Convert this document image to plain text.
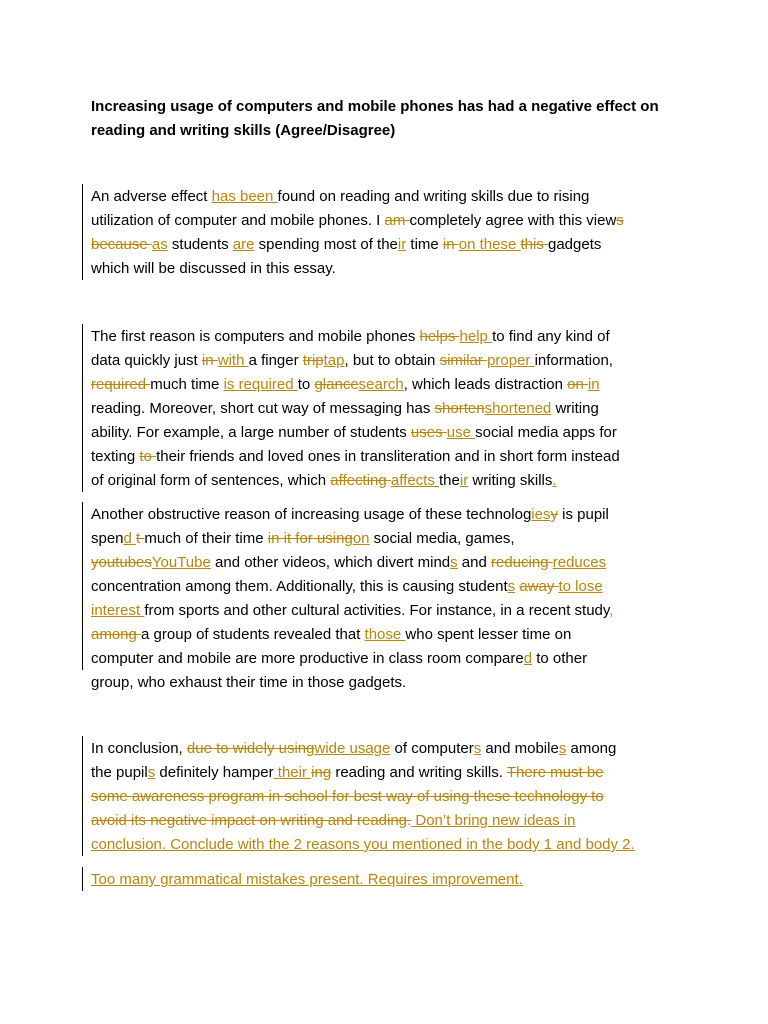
Increasing usage of computers and mobile phones has had a negative effect on
reading and writing skills (Agree/Disagree)
An adverse effect has been found on reading and writing skills due to rising
utilization of computer and mobile phones. I am completely agree with this views
because as students are spending most of their time in on these this gadgets
which will be discussed in this essay.
The first reason is computers and mobile phones helps help to find any kind of
data quickly just in with a finger triptap, but to obtain similar proper information,
required much time is required to glancesearch, which leads distraction on in
reading. Moreover, short cut way of messaging has shortenshortened writing
ability. For example, a large number of students uses use social media apps for
texting to their friends and loved ones in transliteration and in short form instead
of original form of sentences, which affecting affects their writing skills.
Another obstructive reason of increasing usage of these technologiesy is pupil
spend t much of their time in it for usingon social media, games,
youtubesYouTube and other videos, which divert minds and reducing reduces
concentration among them. Additionally, this is causing students away to lose
interest from sports and other cultural activities. For instance, in a recent study,
among a group of students revealed that those who spent lesser time on
computer and mobile are more productive in class room compared to other
group, who exhaust their time in those gadgets.
In conclusion, due to widely usingwide usage of computers and mobiles among
the pupils definitely hamper their ing reading and writing skills. There must be
some awareness program in school for best way of using these technology to
avoid its negative impact on writing and reading. Don’t bring new ideas in
conclusion. Conclude with the 2 reasons you mentioned in the body 1 and body 2.
Too many grammatical mistakes present. Requires improvement.
